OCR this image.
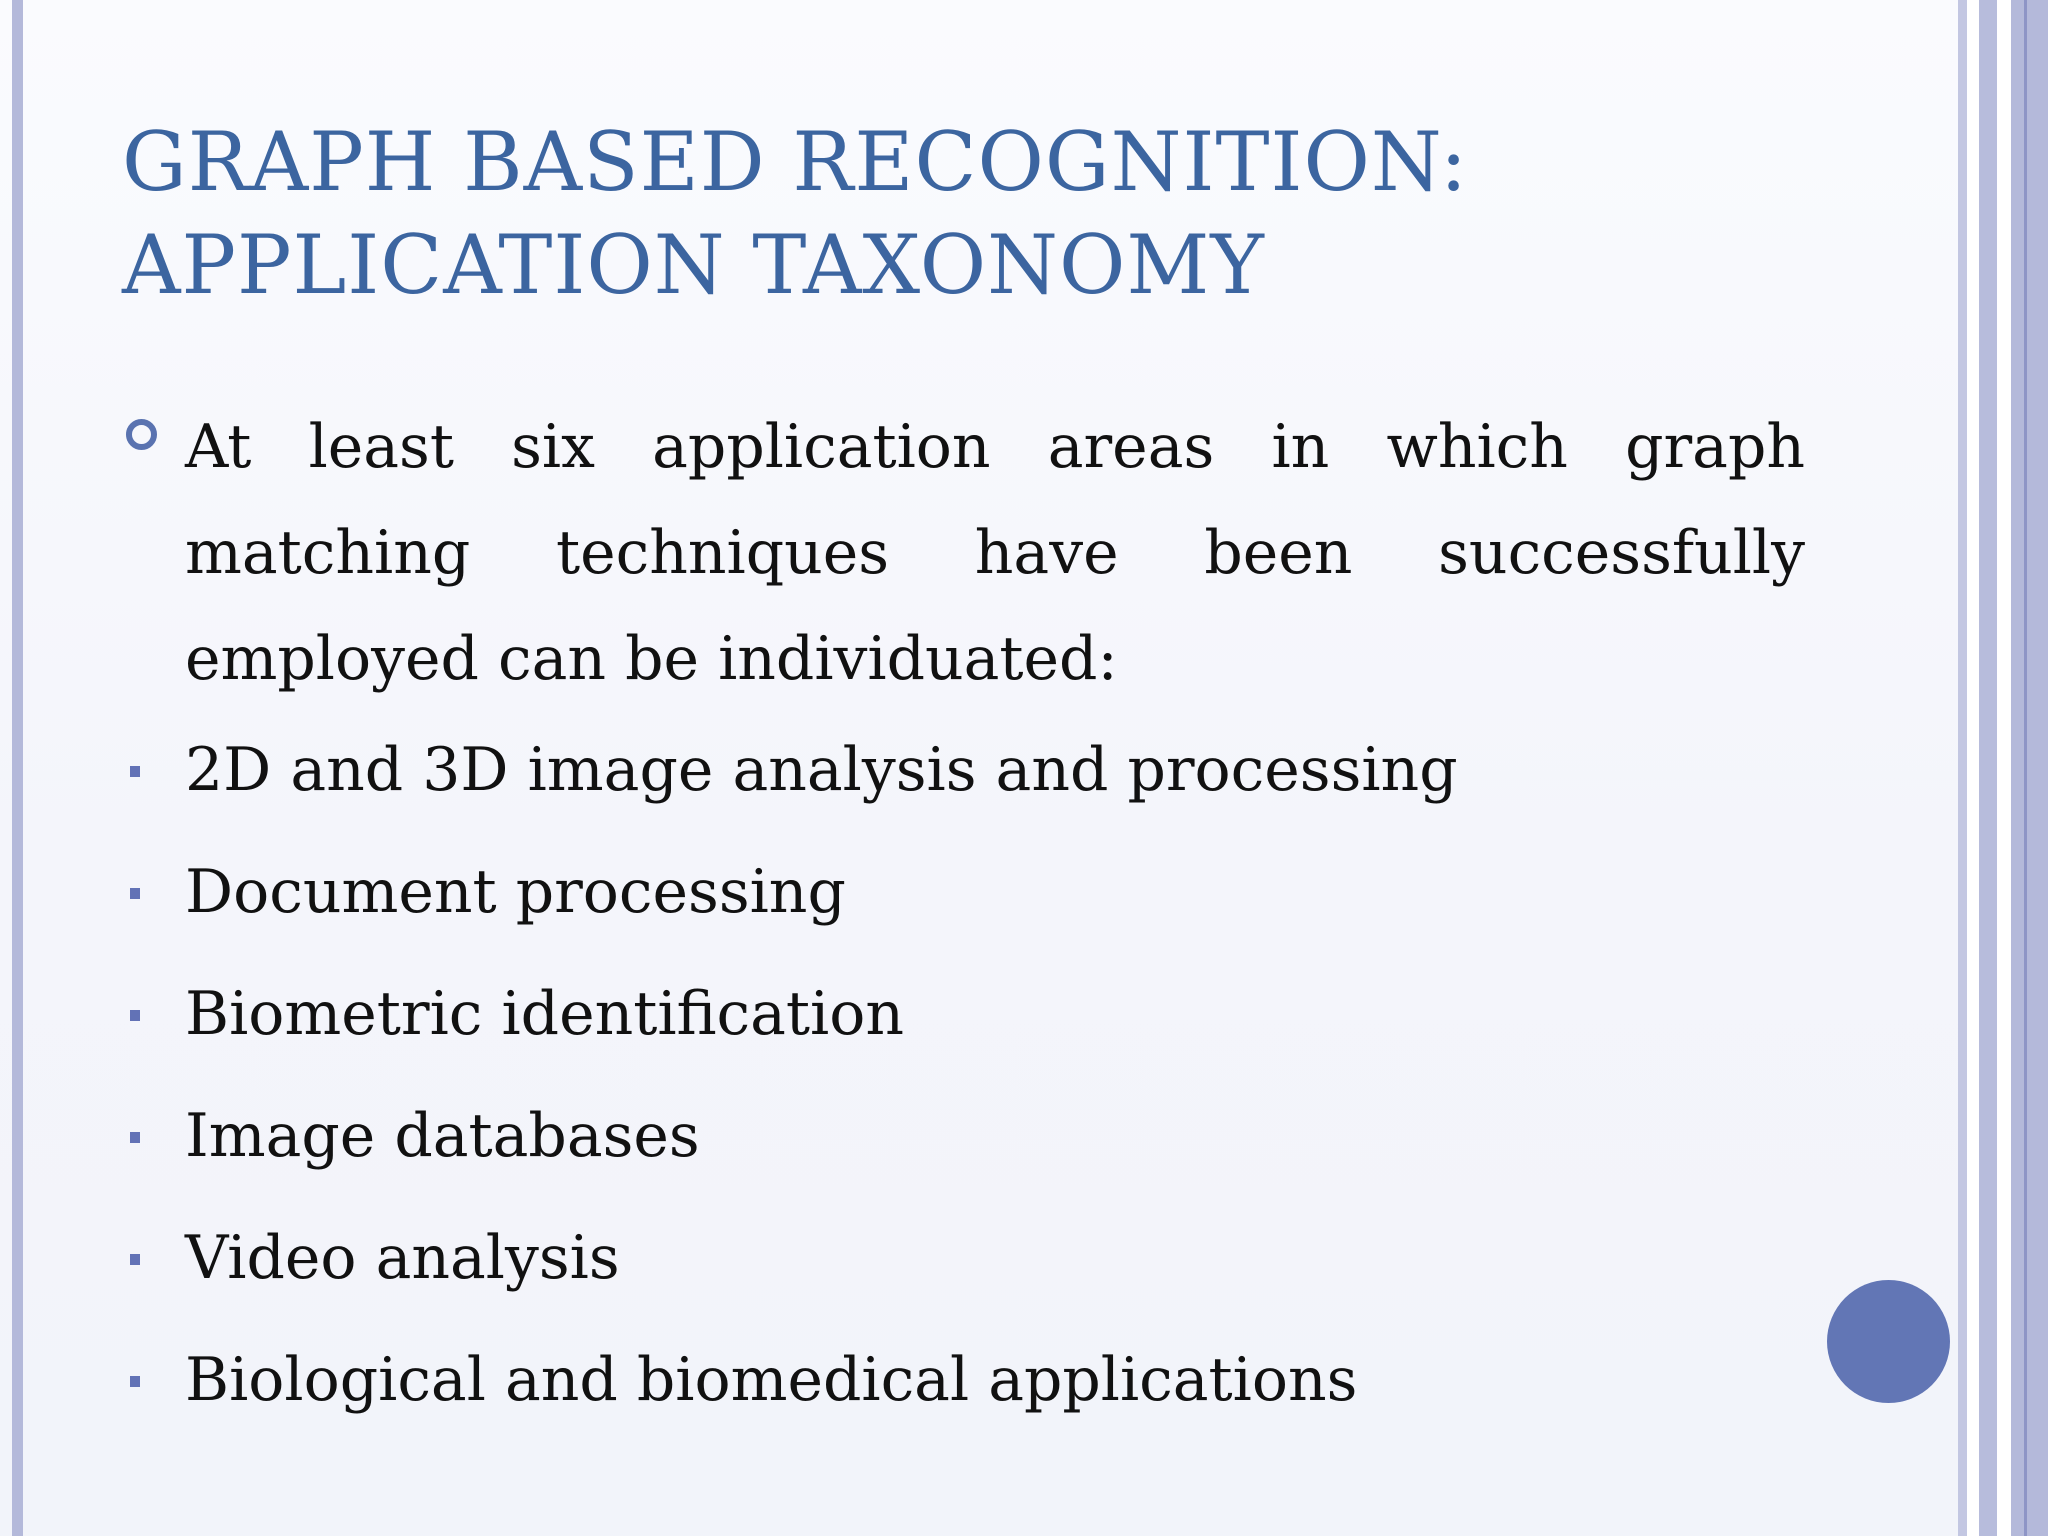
GRAPH BASED RECOGNITION:
APPLICATION TAXONOMY

At least six application areas in which graph matching techniques have been successfully employed can be individuated:

2D and 3D image analysis and processing
Document processing
Biometric identification
Image databases
Video analysis
Biological and biomedical applications
